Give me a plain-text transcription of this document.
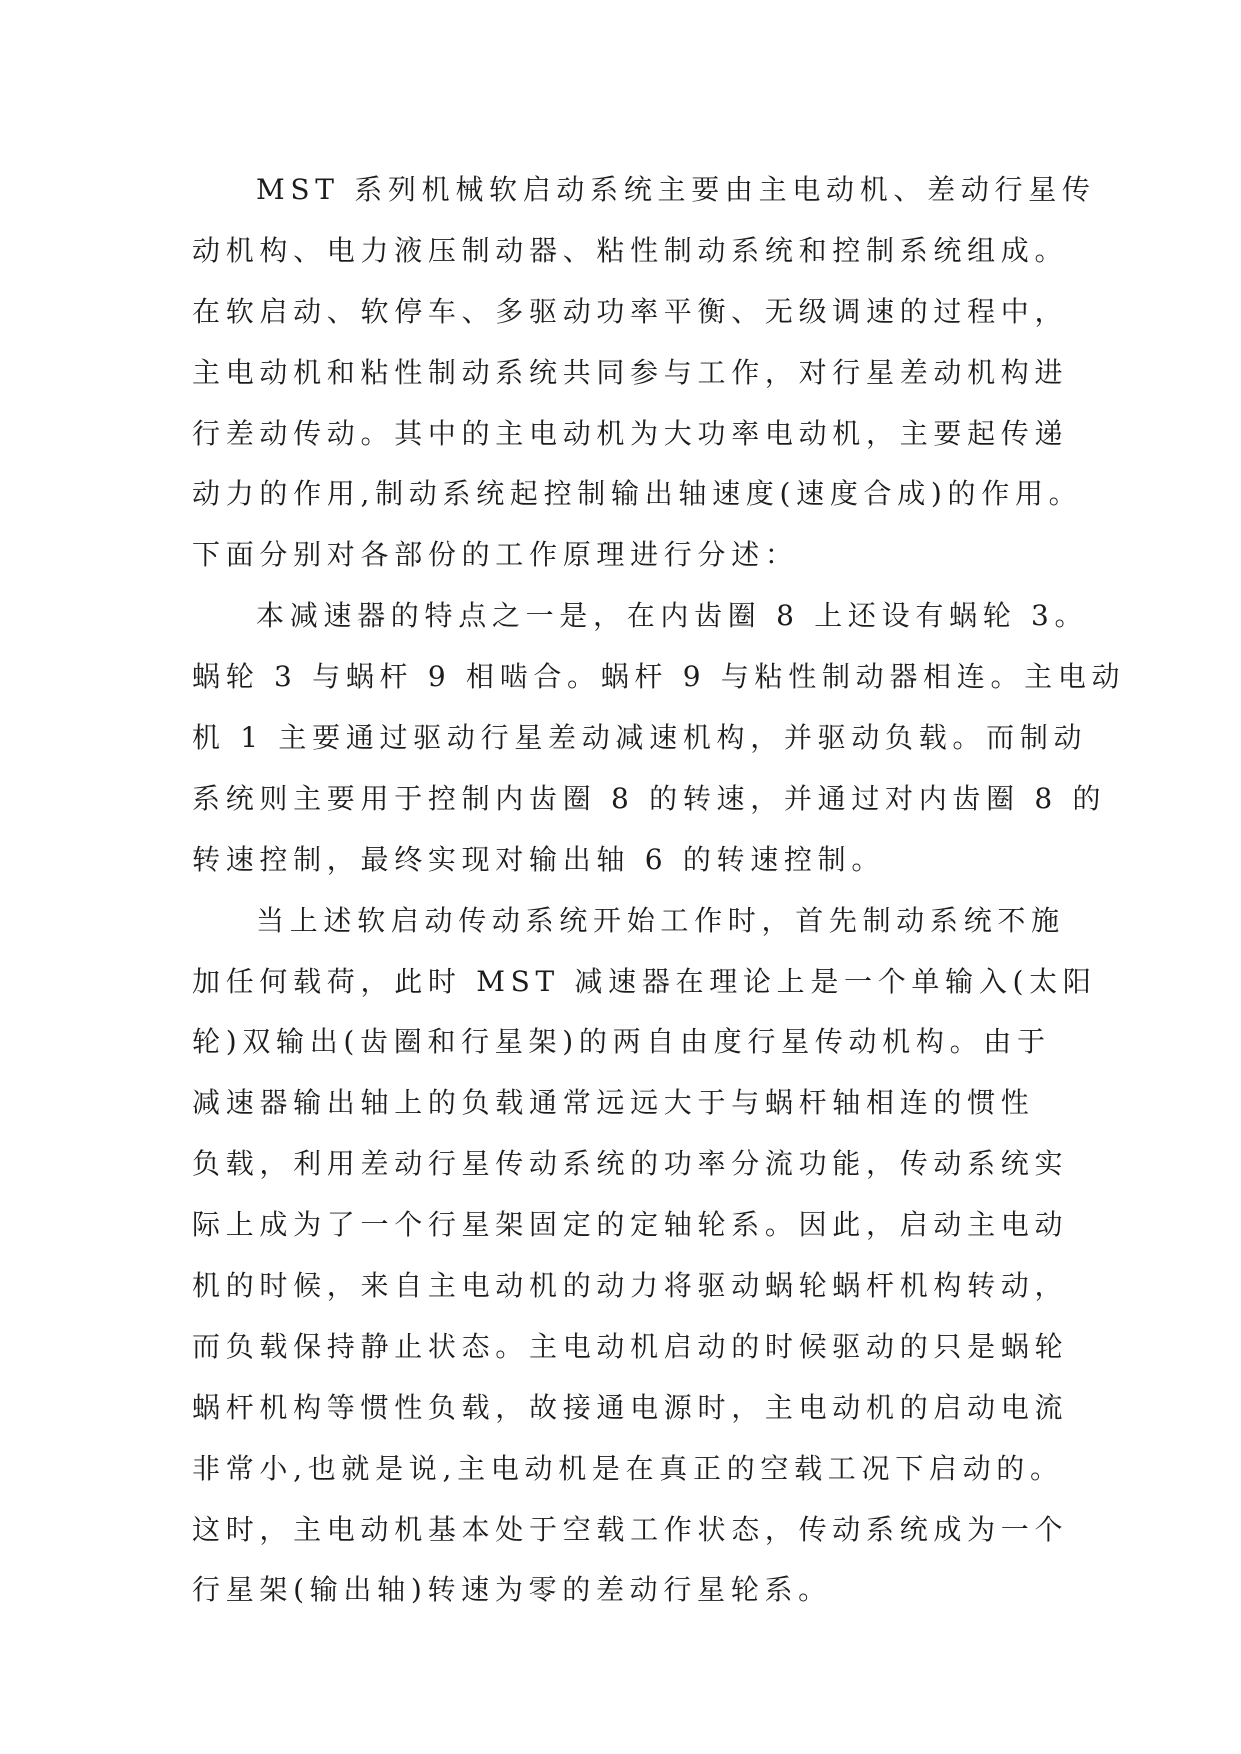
MST 系列机械软启动系统主要由主电动机、差动行星传

动机构、电力液压制动器、粘性制动系统和控制系统组成。

在软启动、软停车、多驱动功率平衡、无级调速的过程中，

主电动机和粘性制动系统共同参与工作，对行星差动机构进

行差动传动。其中的主电动机为大功率电动机，主要起传递

动力的作用,制动系统起控制输出轴速度(速度合成)的作用。

下面分别对各部份的工作原理进行分述：

本减速器的特点之一是，在内齿圈 8 上还设有蜗轮 3。

蜗轮 3 与蜗杆 9 相啮合。蜗杆 9 与粘性制动器相连。主电动

机 1 主要通过驱动行星差动减速机构，并驱动负载。而制动

系统则主要用于控制内齿圈 8 的转速，并通过对内齿圈 8 的

转速控制，最终实现对输出轴 6 的转速控制。

当上述软启动传动系统开始工作时，首先制动系统不施

加任何载荷，此时 MST 减速器在理论上是一个单输入(太阳

轮)双输出(齿圈和行星架)的两自由度行星传动机构。由于

减速器输出轴上的负载通常远远大于与蜗杆轴相连的惯性

负载，利用差动行星传动系统的功率分流功能，传动系统实

际上成为了一个行星架固定的定轴轮系。因此，启动主电动

机的时候，来自主电动机的动力将驱动蜗轮蜗杆机构转动，

而负载保持静止状态。主电动机启动的时候驱动的只是蜗轮

蜗杆机构等惯性负载，故接通电源时，主电动机的启动电流

非常小,也就是说,主电动机是在真正的空载工况下启动的。

这时，主电动机基本处于空载工作状态，传动系统成为一个

行星架(输出轴)转速为零的差动行星轮系。
